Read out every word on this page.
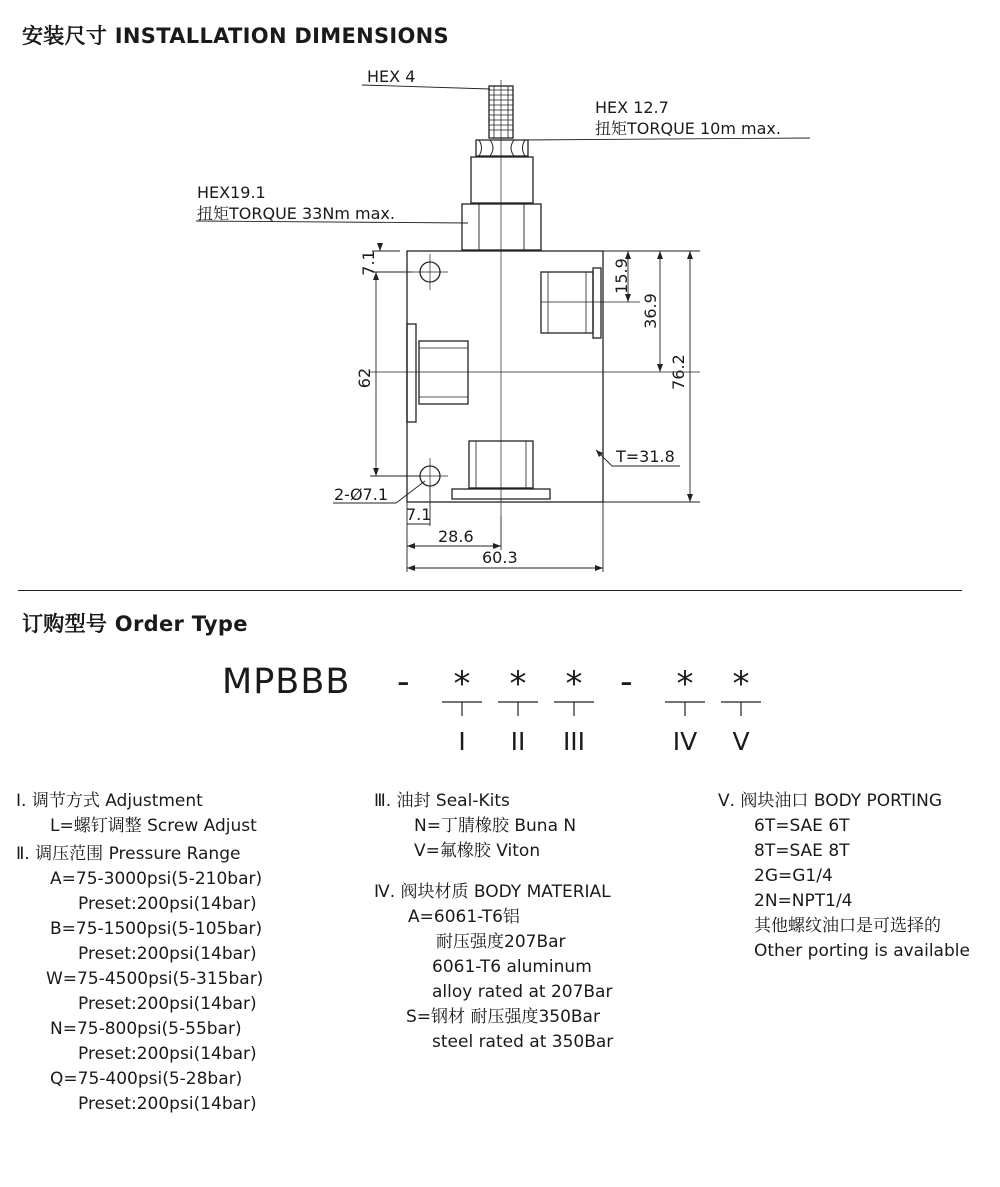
安装尺寸 INSTALLATION DIMENSIONS
HEX 4
HEX 12.7
扭矩TORQUE 10m max.
HEX19.1
扭矩TORQUE 33Nm max.
7.1
62
15.9
36.9
76.2
T=31.8
2-Ø7.1
7.1
28.6
60.3
订购型号 Order Type
MPBBB - * * * - * *
I II III	IV V
Ⅰ. 调节方式 Adjustment
L=螺钉调整 Screw Adjust
Ⅱ. 调压范围 Pressure Range
A=75-3000psi(5-210bar)
Preset:200psi(14bar)
B=75-1500psi(5-105bar)
Preset:200psi(14bar)
W=75-4500psi(5-315bar)
Preset:200psi(14bar)
N=75-800psi(5-55bar)
Preset:200psi(14bar)
Q=75-400psi(5-28bar)
Preset:200psi(14bar)
Ⅲ. 油封 Seal-Kits
N=丁腈橡胶 Buna N
V=氟橡胶 Viton
Ⅳ. 阀块材质 BODY MATERIAL
A=6061-T6铝
耐压强度207Bar
6061-T6 aluminum
alloy rated at 207Bar
S=钢材 耐压强度350Bar
steel rated at 350Bar
Ⅴ. 阀块油口 BODY PORTING
6T=SAE 6T
8T=SAE 8T
2G=G1/4
2N=NPT1/4
其他螺纹油口是可选择的
Other porting is available
